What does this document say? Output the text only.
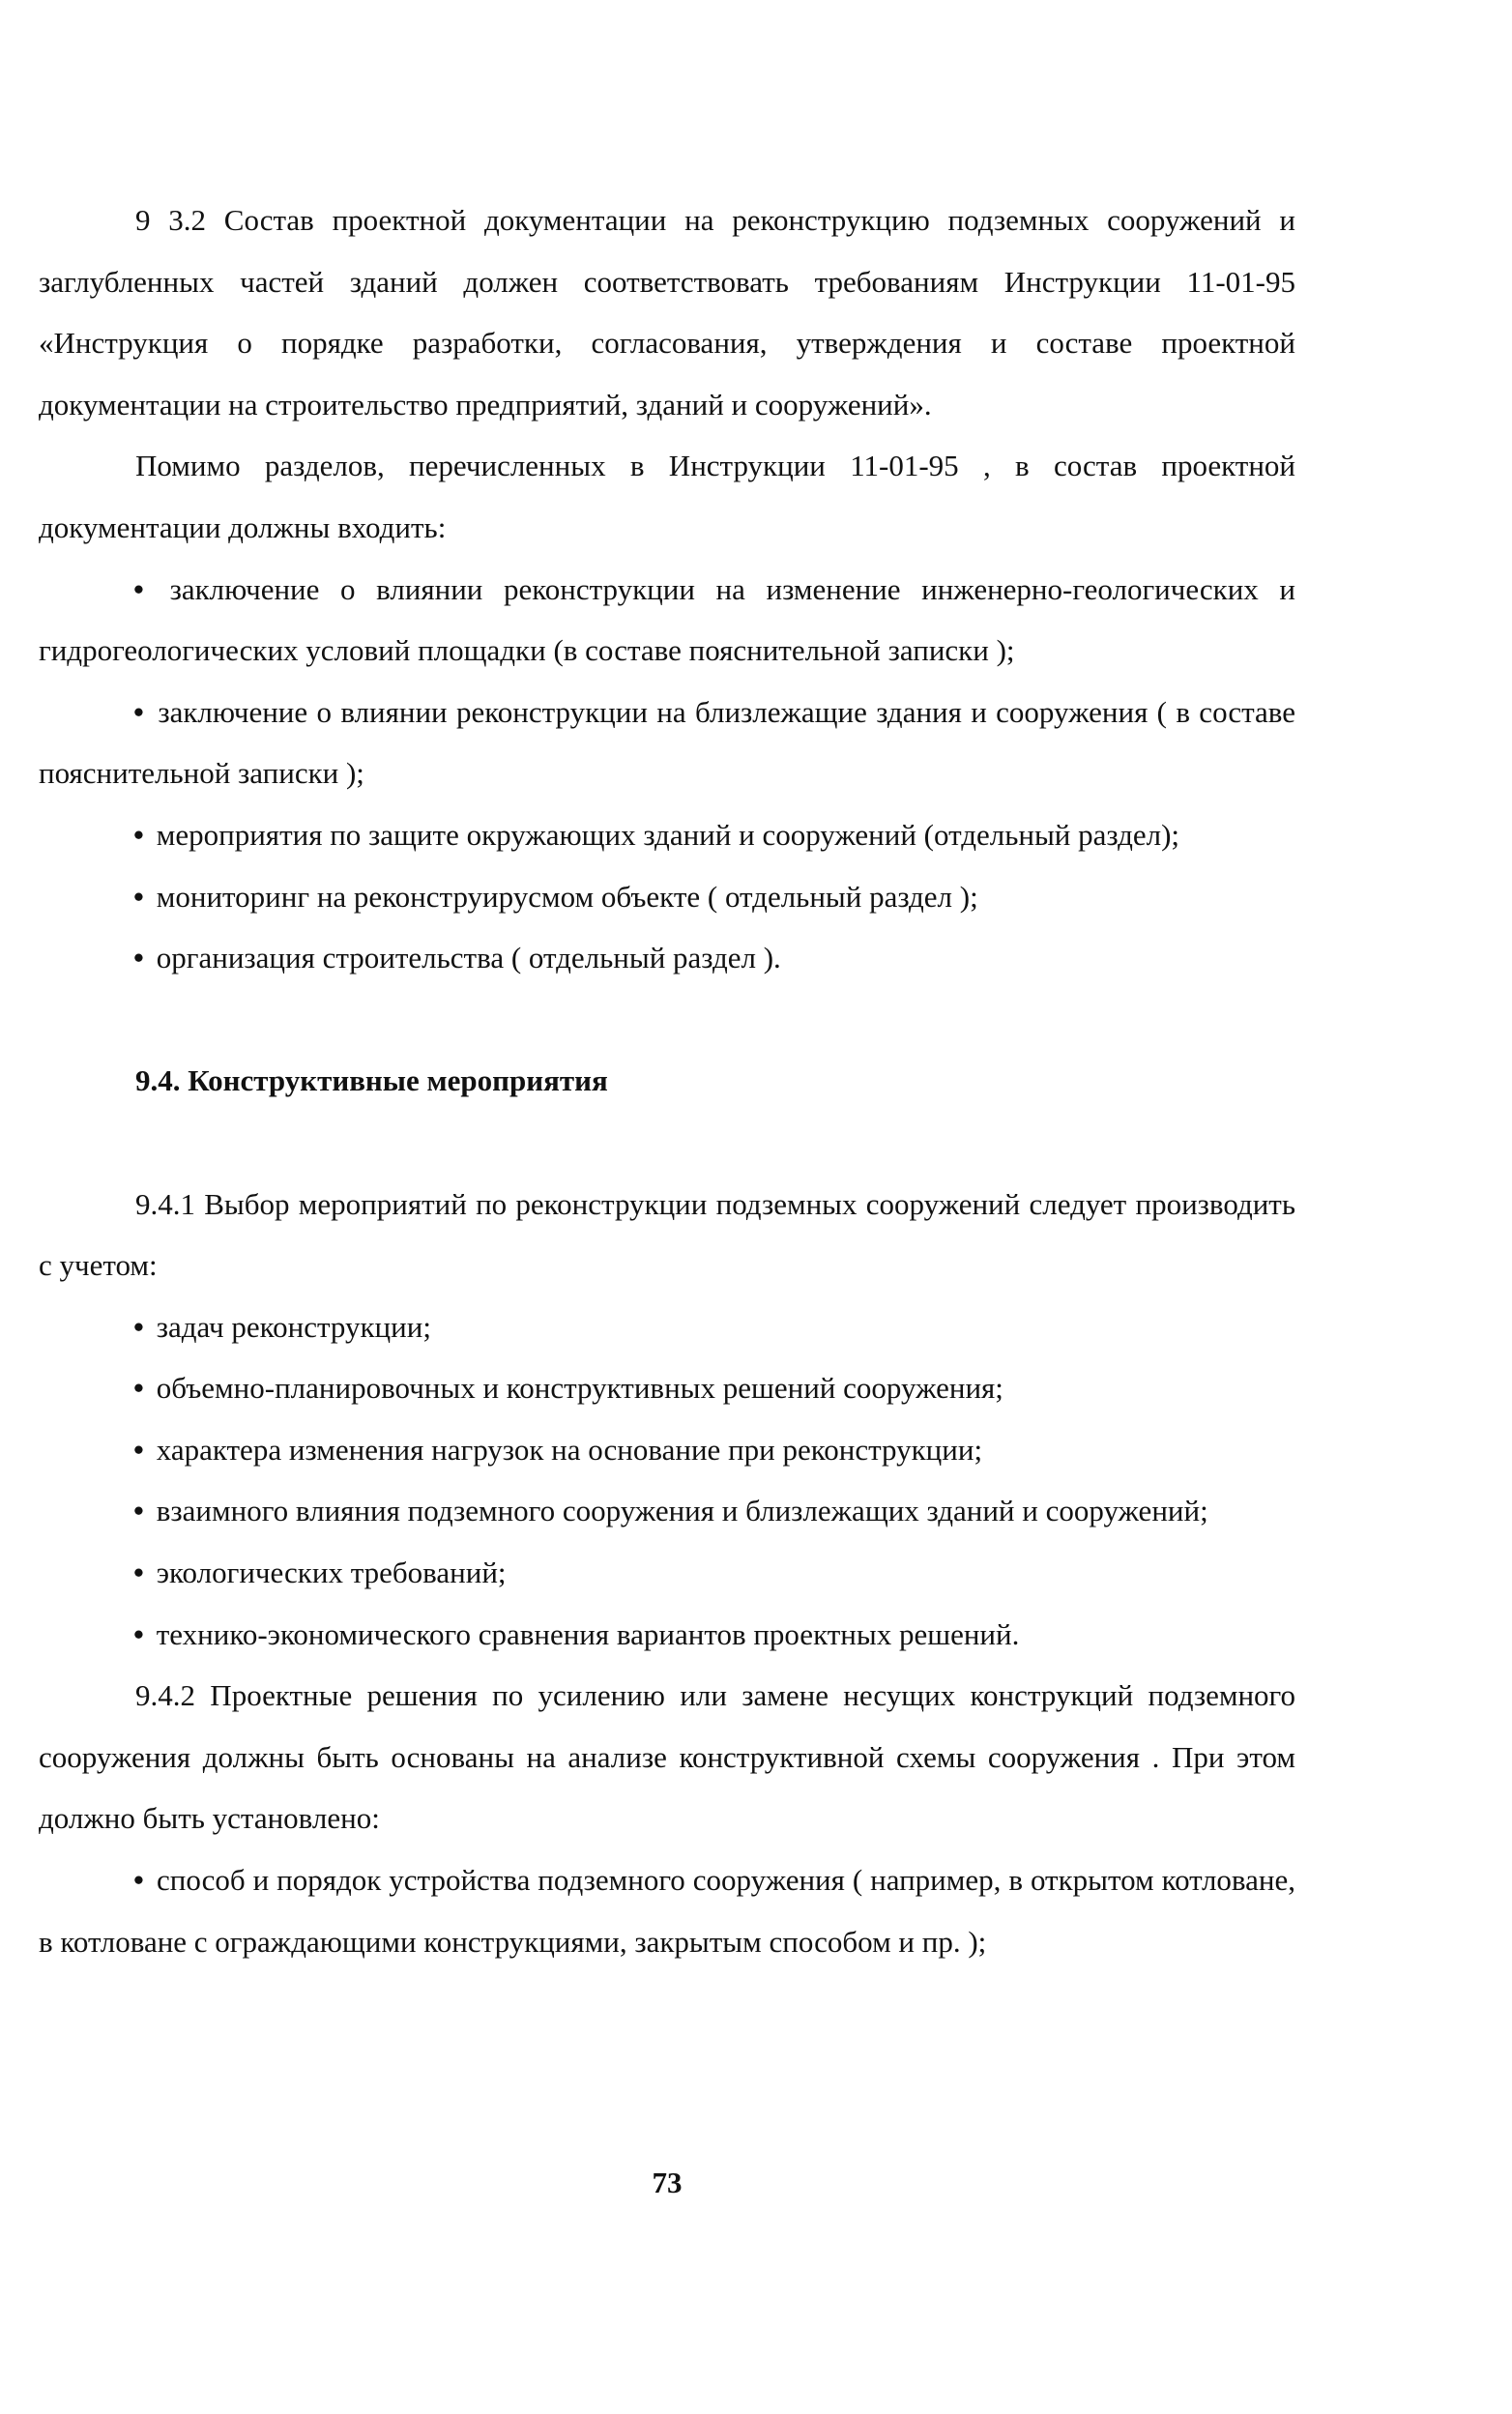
9 3.2 Состав проектной документации на реконструкцию подземных сооружений и заглубленных частей зданий должен соответствовать требованиям Инструкции 11-01-95 «Инструкция о порядке разработки, согласования, утверждения и составе проектной документации на строительство предприятий, зданий и сооружений».

Помимо разделов, перечисленных в Инструкции 11-01-95 , в состав проектной документации должны входить:

• заключение о влиянии реконструкции на изменение инженерно-геологических и гидрогеологических условий площадки (в составе пояснительной записки );

• заключение о влиянии реконструкции на близлежащие здания и сооружения ( в составе пояснительной записки );

• мероприятия по защите окружающих зданий и сооружений (отдельный раздел);

• мониторинг на реконструирусмом объекте ( отдельный раздел );

• организация строительства ( отдельный раздел ).

9.4. Конструктивные мероприятия

9.4.1 Выбор мероприятий по реконструкции подземных сооружений следует производить с учетом:

• задач реконструкции;

• объемно-планировочных и конструктивных решений сооружения;

• характера изменения нагрузок на основание при реконструкции;

• взаимного влияния подземного сооружения и близлежащих зданий и сооружений;

• экологических требований;

• технико-экономического сравнения вариантов проектных решений.

9.4.2 Проектные решения по усилению или замене несущих конструкций подземного сооружения должны быть основаны на анализе конструктивной схемы сооружения . При этом должно быть установлено:

• способ и порядок устройства подземного сооружения ( например, в открытом котловане, в котловане с ограждающими конструкциями, закрытым способом и пр. );

73
